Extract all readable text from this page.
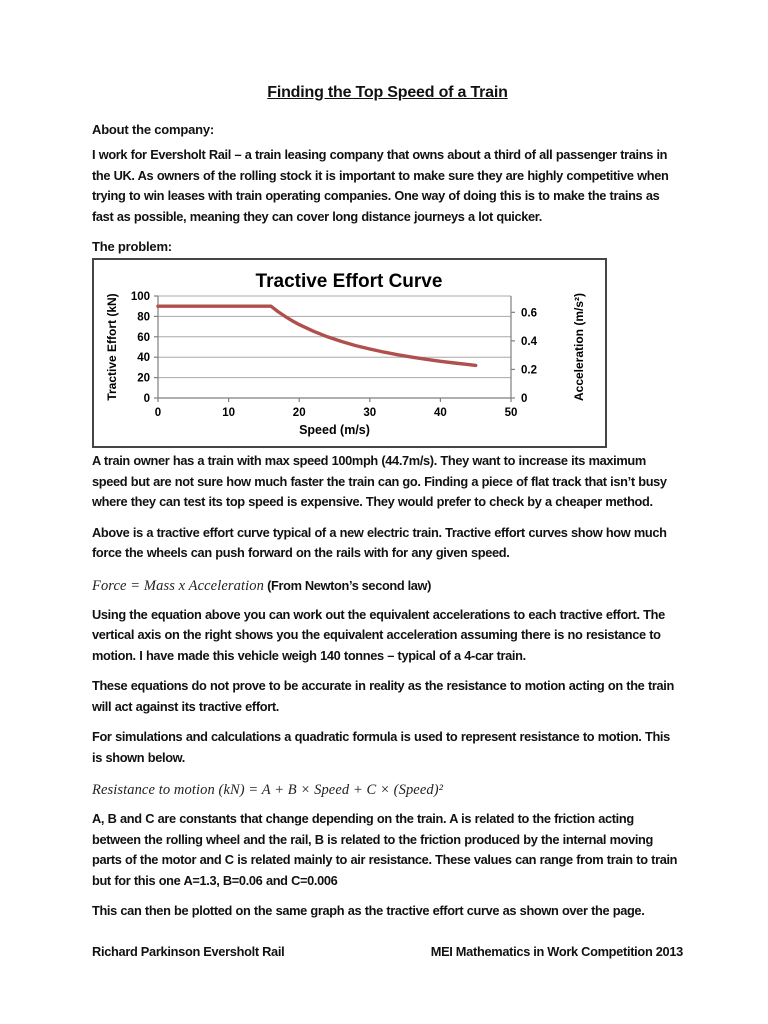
Finding the Top Speed of a Train
About the company:

I work for Eversholt Rail – a train leasing company that owns about a third of all passenger trains in the UK. As owners of the rolling stock it is important to make sure they are highly competitive when trying to win leases with train operating companies. One way of doing this is to make the trains as fast as possible, meaning they can cover long distance journeys a lot quicker.

The problem:
0
20
40
60
80
100
0
0.2
0.4
0.6
0	10	20	30	40	50
Tractive Effort Curve
Speed (m/s)
Tractive Effort (kN)	Acceleration (m/s²)

A train owner has a train with max speed 100mph (44.7m/s). They want to increase its maximum speed but are not sure how much faster the train can go. Finding a piece of flat track that isn’t busy where they can test its top speed is expensive. They would prefer to check by a cheaper method.

Above is a tractive effort curve typical of a new electric train. Tractive effort curves show how much force the wheels can push forward on the rails with for any given speed.

Force = Mass x Acceleration (From Newton’s second law)

Using the equation above you can work out the equivalent accelerations to each tractive effort. The vertical axis on the right shows you the equivalent acceleration assuming there is no resistance to motion. I have made this vehicle weigh 140 tonnes – typical of a 4-car train.

These equations do not prove to be accurate in reality as the resistance to motion acting on the train will act against its tractive effort.

For simulations and calculations a quadratic formula is used to represent resistance to motion. This is shown below.

Resistance to motion (kN) = A + B × Speed + C × (Speed)²

A, B and C are constants that change depending on the train. A is related to the friction acting between the rolling wheel and the rail, B is related to the friction produced by the internal moving parts of the motor and C is related mainly to air resistance. These values can range from train to train but for this one A=1.3, B=0.06 and C=0.006

This can then be plotted on the same graph as the tractive effort curve as shown over the page.

Richard Parkinson Eversholt Rail	MEI Mathematics in Work Competition 2013
